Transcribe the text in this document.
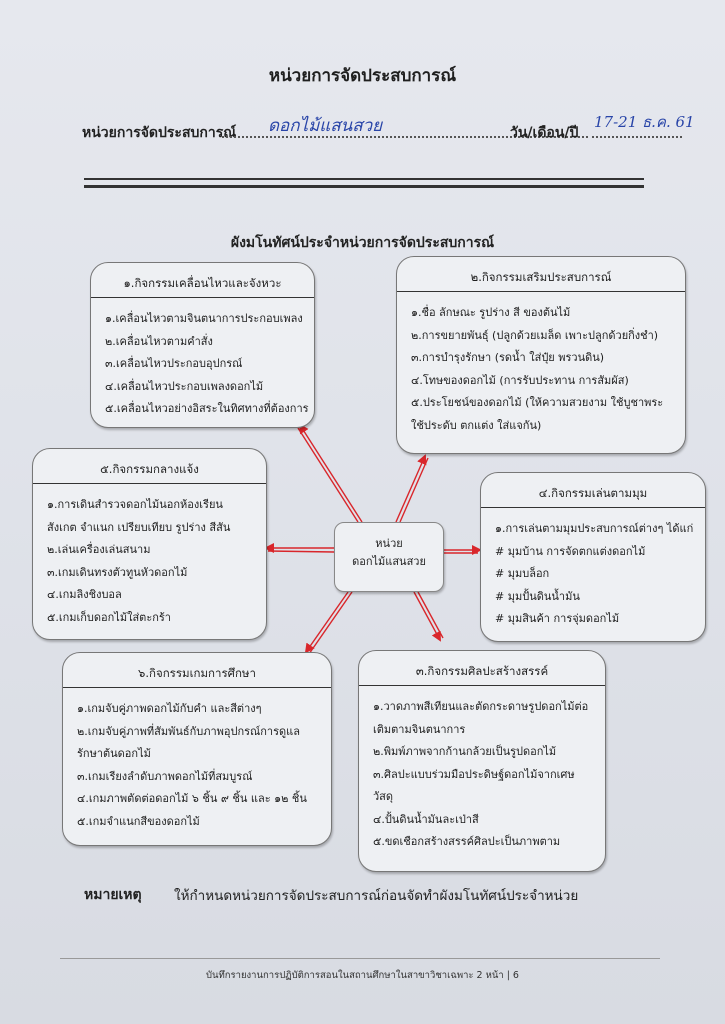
หน่วยการจัดประสบการณ์
หน่วยการจัดประสบการณ์ ดอกไม้แสนสวย	วัน/เดือน/ปี
17-21 ธ.ค. 61
ผังมโนทัศน์ประจำหน่วยการจัดประสบการณ์
๑.กิจกรรมเคลื่อนไหวและจังหวะ
๑.เคลื่อนไหวตามจินตนาการประกอบเพลง
๒.เคลื่อนไหวตามคำสั่ง
๓.เคลื่อนไหวประกอบอุปกรณ์
๔.เคลื่อนไหวประกอบเพลงดอกไม้
๕.เคลื่อนไหวอย่างอิสระในทิศทางที่ต้องการ
๒.กิจกรรมเสริมประสบการณ์
๑.ชื่อ ลักษณะ รูปร่าง สี ของต้นไม้
๒.การขยายพันธุ์ (ปลูกด้วยเมล็ด เพาะปลูกด้วยกิ่งชำ)
๓.การบำรุงรักษา (รดน้ำ ใส่ปุ๋ย พรวนดิน)
๔.โทษของดอกไม้ (การรับประทาน การสัมผัส)
๕.ประโยชน์ของดอกไม้ (ให้ความสวยงาม ใช้บูชาพระ
ใช้ประดับ ตกแต่ง ใส่แจกัน)
๕.กิจกรรมกลางแจ้ง
๑.การเดินสำรวจดอกไม้นอกห้องเรียน
สังเกต จำแนก เปรียบเทียบ รูปร่าง สีสัน
๒.เล่นเครื่องเล่นสนาม
๓.เกมเดินทรงตัวทูนหัวดอกไม้
๔.เกมลิงชิงบอล
๕.เกมเก็บดอกไม้ใส่ตะกร้า
๔.กิจกรรมเล่นตามมุม
๑.การเล่นตามมุมประสบการณ์ต่างๆ ได้แก่
# มุมบ้าน การจัดตกแต่งดอกไม้
# มุมบล็อก
# มุมปั้นดินน้ำมัน
# มุมสินค้า การจุ่มดอกไม้
หน่วย
ดอกไม้แสนสวย
๖.กิจกรรมเกมการศึกษา
๑.เกมจับคู่ภาพดอกไม้กับคำ และสีต่างๆ
๒.เกมจับคู่ภาพที่สัมพันธ์กับภาพอุปกรณ์การดูแล
รักษาต้นดอกไม้
๓.เกมเรียงลำดับภาพดอกไม้ที่สมบูรณ์
๔.เกมภาพตัดต่อดอกไม้ ๖ ชิ้น ๙ ชิ้น และ ๑๒ ชิ้น
๕.เกมจำแนกสีของดอกไม้
๓.กิจกรรมศิลปะสร้างสรรค์
๑.วาดภาพสีเทียนและตัดกระดาษรูปดอกไม้ต่อ
เติมตามจินตนาการ
๒.พิมพ์ภาพจากก้านกล้วยเป็นรูปดอกไม้
๓.ศิลปะแบบร่วมมือประดิษฐ์ดอกไม้จากเศษ
วัสดุ
๔.ปั้นดินน้ำมันละเป่าสี
๕.ขดเชือกสร้างสรรค์ศิลปะเป็นภาพตาม
หมายเหตุ ให้กำหนดหน่วยการจัดประสบการณ์ก่อนจัดทำผังมโนทัศน์ประจำหน่วย
บันทึกรายงานการปฏิบัติการสอนในสถานศึกษาในสาขาวิชาเฉพาะ 2 หน้า | 6
